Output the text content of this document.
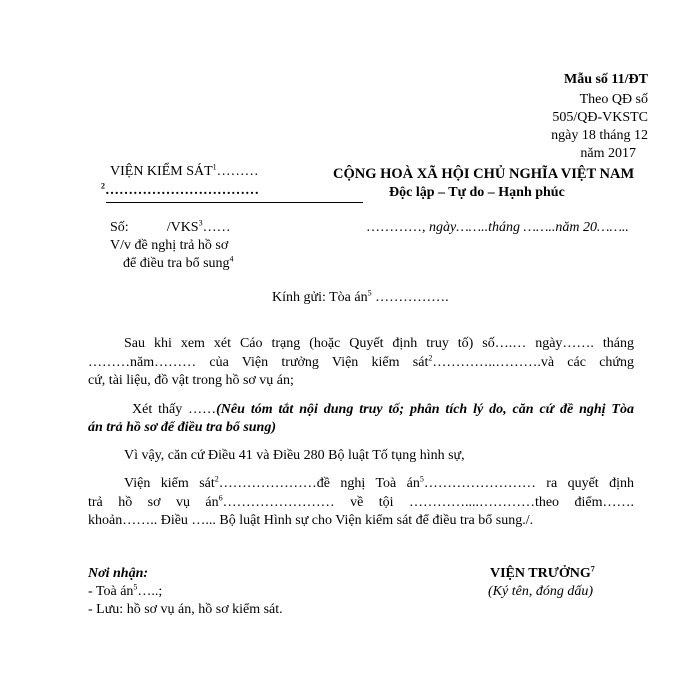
Mẫu số 11/ĐT
Theo QĐ số
505/QĐ-VKSTC
ngày 18 tháng 12
năm 2017
VIỆN KIỂM SÁT$^1$………
$^2$……………………………
CỘNG HOÀ XÃ HỘI CHỦ NGHĨA VIỆT NAM
Độc lập – Tự do – Hạnh phúc
Số:	/VKS$^3$……
V/v đề nghị trả hồ sơ
để điều tra bổ sung$^4$
…………, ngày……..tháng ……..năm 20……..
Kính gửi: Tòa $án^5$ …………….
Sau khi xem xét Cáo trạng (hoặc Quyết định truy tố) số….… ngày……. tháng
………năm……… của Viện trưởng Viện kiểm sát$^2$…………..……….và các chứng
cứ, tài liệu, đồ vật trong hồ sơ vụ án;
Xét thấy ……(Nêu tóm tắt nội dung truy tố; phân tích lý do, căn cứ đề nghị Tòa
án trả hồ sơ để điều tra bổ sung)
Vì vậy, căn cứ Điều 41 và Điều 280 Bộ luật Tố tụng hình sự,
Viện kiểm sát$^2$…………………đề nghị Toà $án^5\dots\dots\dots\dots\dots\dots\dots\dots$ ra quyết định
trả hồ sơ vụ $án^6\dots\dots\dots\dots\dots\dots\dots\dots$ về tội …………....…………theo điểm…….
khoản…….. Điều …... Bộ luật Hình sự cho Viện kiểm sát để điều tra bổ sung./.
Nơi nhận:
- Toà $án^5\dots$..;
- Lưu: hồ sơ vụ án, hồ sơ kiểm sát.
VIỆN TRƯỞNG$^7$
(Ký tên, đóng dấu)
